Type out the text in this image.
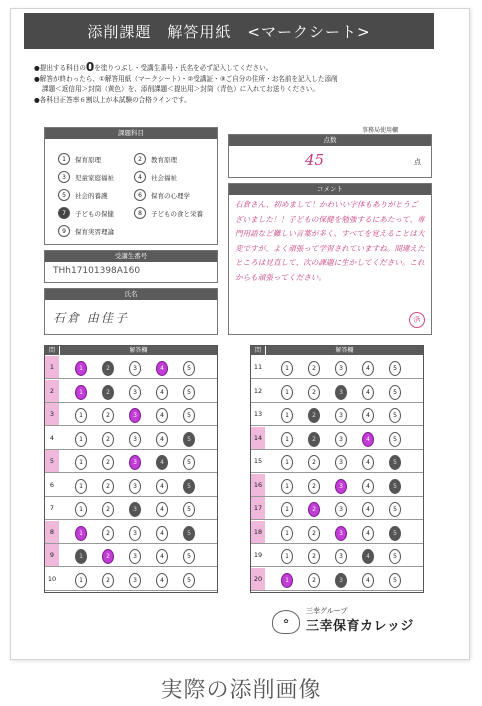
添削課題　解答用紙　<マークシート>
●提出する科目の0を塗りつぶし・受講生番号・氏名を必ず記入してください。
●解答が終わったら、①解答用紙（マークシート）・②受講証・③ご自分の住所・お名前を記入した添削
課題＜返信用＞封筒（黄色）を、添削課題＜提出用＞封筒（青色）に入れてお送りください。
●各科目正答率６割以上が本試験の合格ラインです。
課題科目
1	保育原理	2	教育原理
3	児童家庭福祉	4	社会福祉
5	社会的養護	6	保育の心理学
7	子どもの保健	8	子どもの食と栄養
9	保育実習理論
受講生番号
THh17101398A160
氏名
石倉 由佳子
事務局使用欄
点数
45	点
コメント
石倉さん、初めまして！かわいい字体もありがとうございました！！子どもの保健を勉強するにあたって、専門用語など難しい言葉が多く、すべてを覚えることは大変ですが、よく頑張って学習されていますね。間違えたところは見直して、次の課題に生かしてください。これからも頑張ってください。
済
問	解答欄
1	1	2	3	4	5
2	1	2	3	4	5
3	1	2	3	4	5
4	1	2	3	4	5
5	1	2	3	4	5
6	1	2	3	4	5
7	1	2	3	4	5
8	1	2	3	4	5
9	1	2	3	4	5
10	1	2	3	4	5
問	解答欄
11	1	2	3	4	5
12	1	2	3	4	5
13	1	2	3	4	5
14	1	2	3	4	5
15	1	2	3	4	5
16	1	2	3	4	5
17	1	2	3	4	5
18	1	2	3	4	5
19	1	2	3	4	5
20	1	2	3	4	5
✿
三幸グループ
三幸保育カレッジ
実際の添削画像
